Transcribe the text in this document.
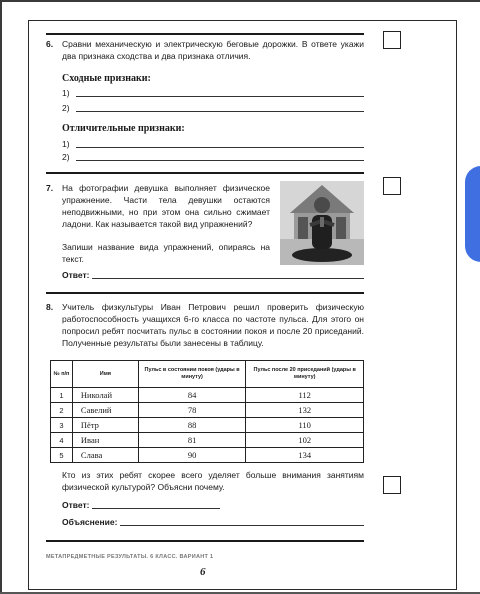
6. Сравни механическую и электрическую беговые дорожки. В ответе укажи два признака сходства и два признака отличия.
Сходные признаки:
1)
2)
Отличительные признаки:
1)
2)
7. На фотографии девушка выполняет физическое упражнение. Части тела девушки остаются неподвижными, но при этом она сильно сжимает ладони. Как называется такой вид упражнений?
Запиши название вида упражнений, опираясь на текст.
Ответ:
8. Учитель физкультуры Иван Петрович решил проверить физическую работоспособность учащихся 6-го класса по частоте пульса. Для этого он попросил ребят посчитать пульс в состоянии покоя и после 20 приседаний. Полученные результаты были занесены в таблицу.
№ п/п	Имя	Пульс в состоянии покоя (удары в минуту)	Пульс после 20 приседаний (удары в минуту)
1	Николай	84	112
2	Савелий	78	132
3	Пётр	88	110
4	Иван	81	102
5	Слава	90	134
Кто из этих ребят скорее всего уделяет больше внимания занятиям физической культурой? Объясни почему.
Ответ:
Объяснение:
МЕТАПРЕДМЕТНЫЕ РЕЗУЛЬТАТЫ. 6 КЛАСС. ВАРИАНТ 1
6
